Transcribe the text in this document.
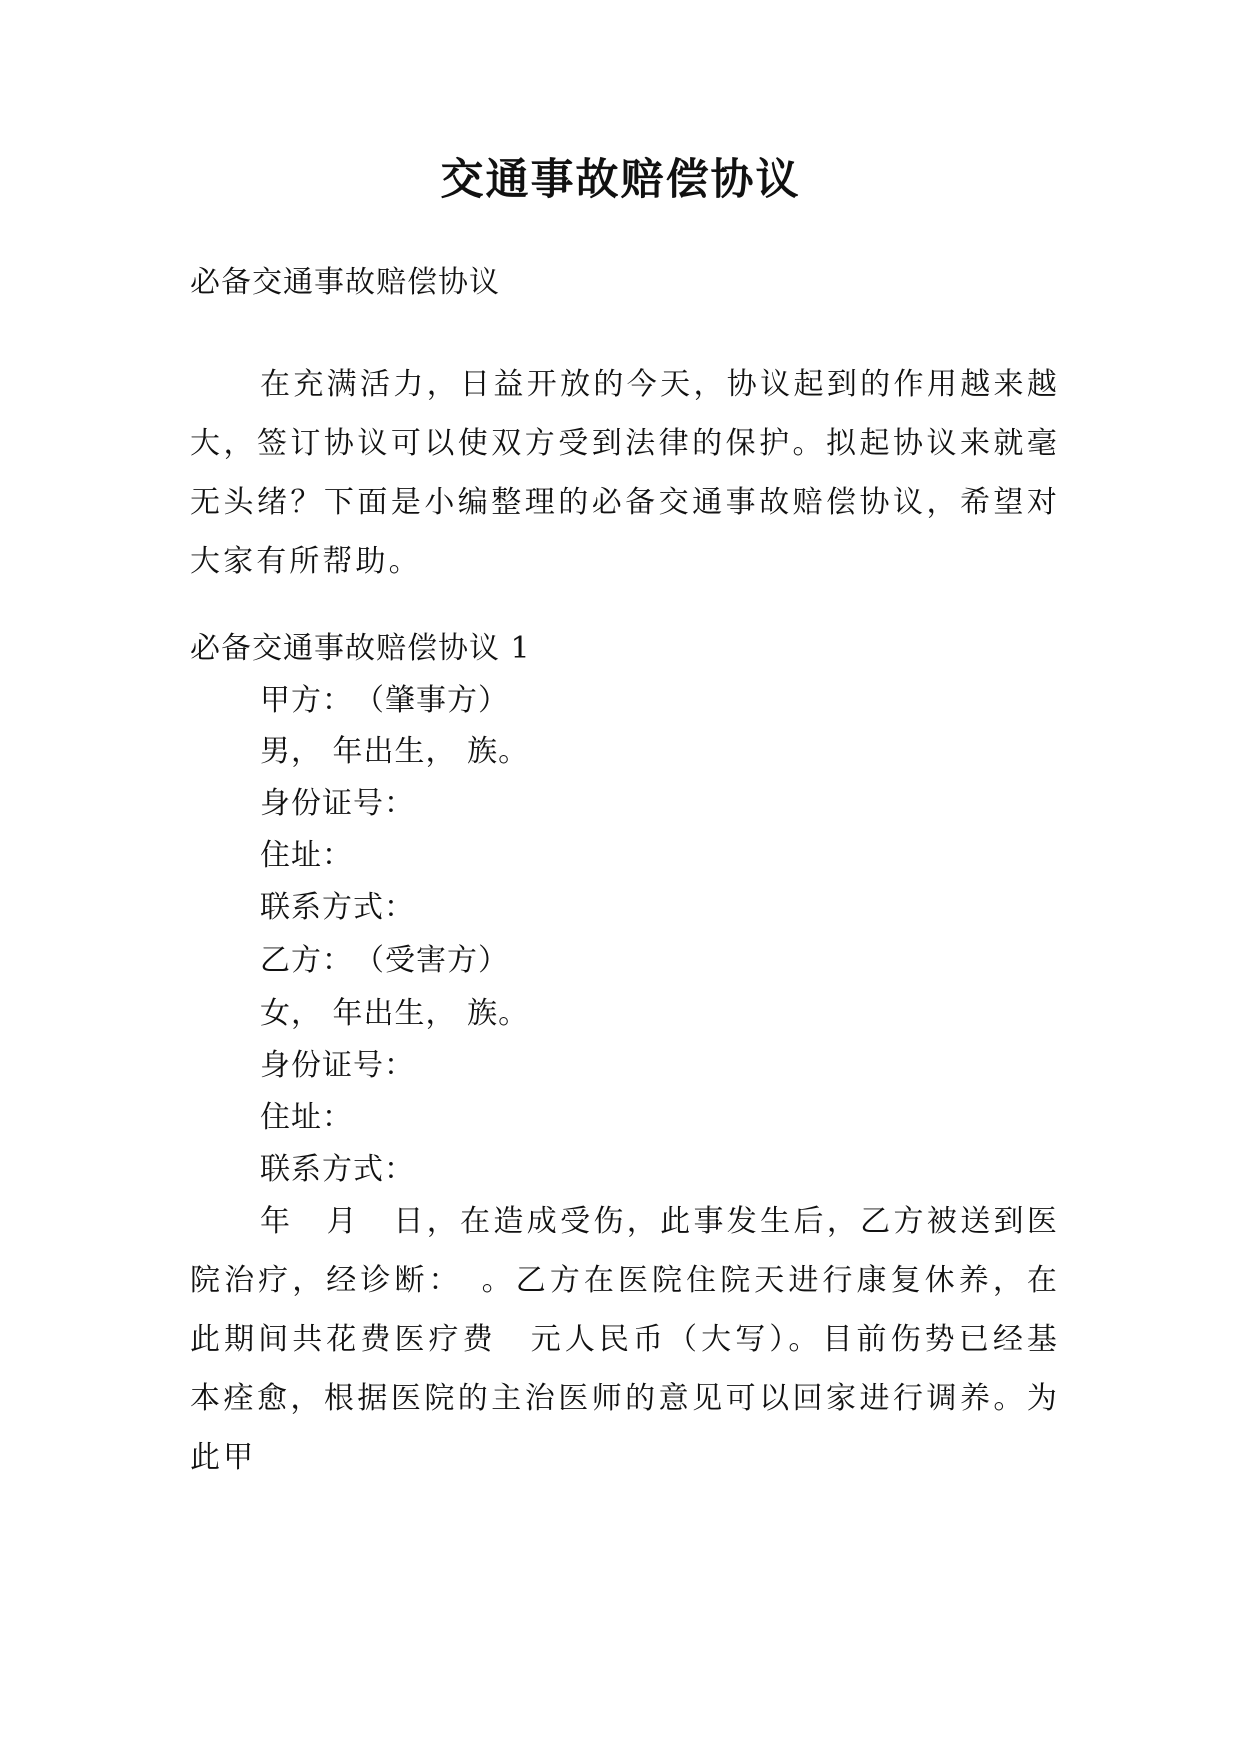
交通事故赔偿协议
必备交通事故赔偿协议
在充满活力，日益开放的今天，协议起到的作用越来越大，签订协议可以使双方受到法律的保护。拟起协议来就毫无头绪？下面是小编整理的必备交通事故赔偿协议，希望对大家有所帮助。
必备交通事故赔偿协议 1
甲方：　（肇事方）
男， 年出生， 族。
身份证号：
住址：
联系方式：
乙方：　（受害方）
女， 年出生， 族。
身份证号：
住址：
联系方式：
年　月　日，在造成受伤，此事发生后，乙方被送到医院治疗，经诊断：　。乙方在医院住院天进行康复休养，在此期间共花费医疗费　元人民币（大写）。目前伤势已经基本痊愈，根据医院的主治医师的意见可以回家进行调养。为此甲
